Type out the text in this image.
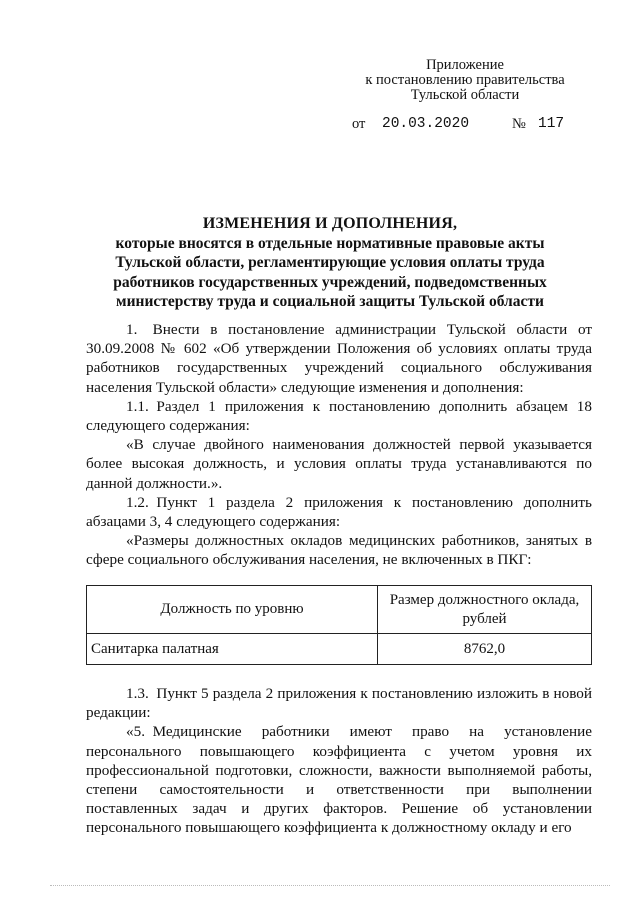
Приложение
к постановлению правительства
Тульской области
от 20.03.2020	№ 117
ИЗМЕНЕНИЯ И ДОПОЛНЕНИЯ,
которые вносятся в отдельные нормативные правовые акты
Тульской области, регламентирующие условия оплаты труда
работников государственных учреждений, подведомственных
министерству труда и социальной защиты Тульской области

1. Внести в постановление администрации Тульской области от 30.09.2008 № 602 «Об утверждении Положения об условиях оплаты труда работников государственных учреждений социального обслуживания населения Тульской области» следующие изменения и дополнения:

1.1. Раздел 1 приложения к постановлению дополнить абзацем 18 следующего содержания:

«В случае двойного наименования должностей первой указывается более высокая должность, и условия оплаты труда устанавливаются по данной должности.».

1.2. Пункт 1 раздела 2 приложения к постановлению дополнить абзацами 3, 4 следующего содержания:

«Размеры должностных окладов медицинских работников, занятых в сфере социального обслуживания населения, не включенных в ПКГ:

Должность по уровню	Размер должностного оклада, рублей
Санитарка палатная	8762,0

1.3. Пункт 5 раздела 2 приложения к постановлению изложить в новой редакции:

«5. Медицинские работники имеют право на установление персонального повышающего коэффициента с учетом уровня их профессиональной подготовки, сложности, важности выполняемой работы, степени самостоятельности и ответственности при выполнении поставленных задач и других факторов. Решение об установлении персонального повышающего коэффициента к должностному окладу и его
